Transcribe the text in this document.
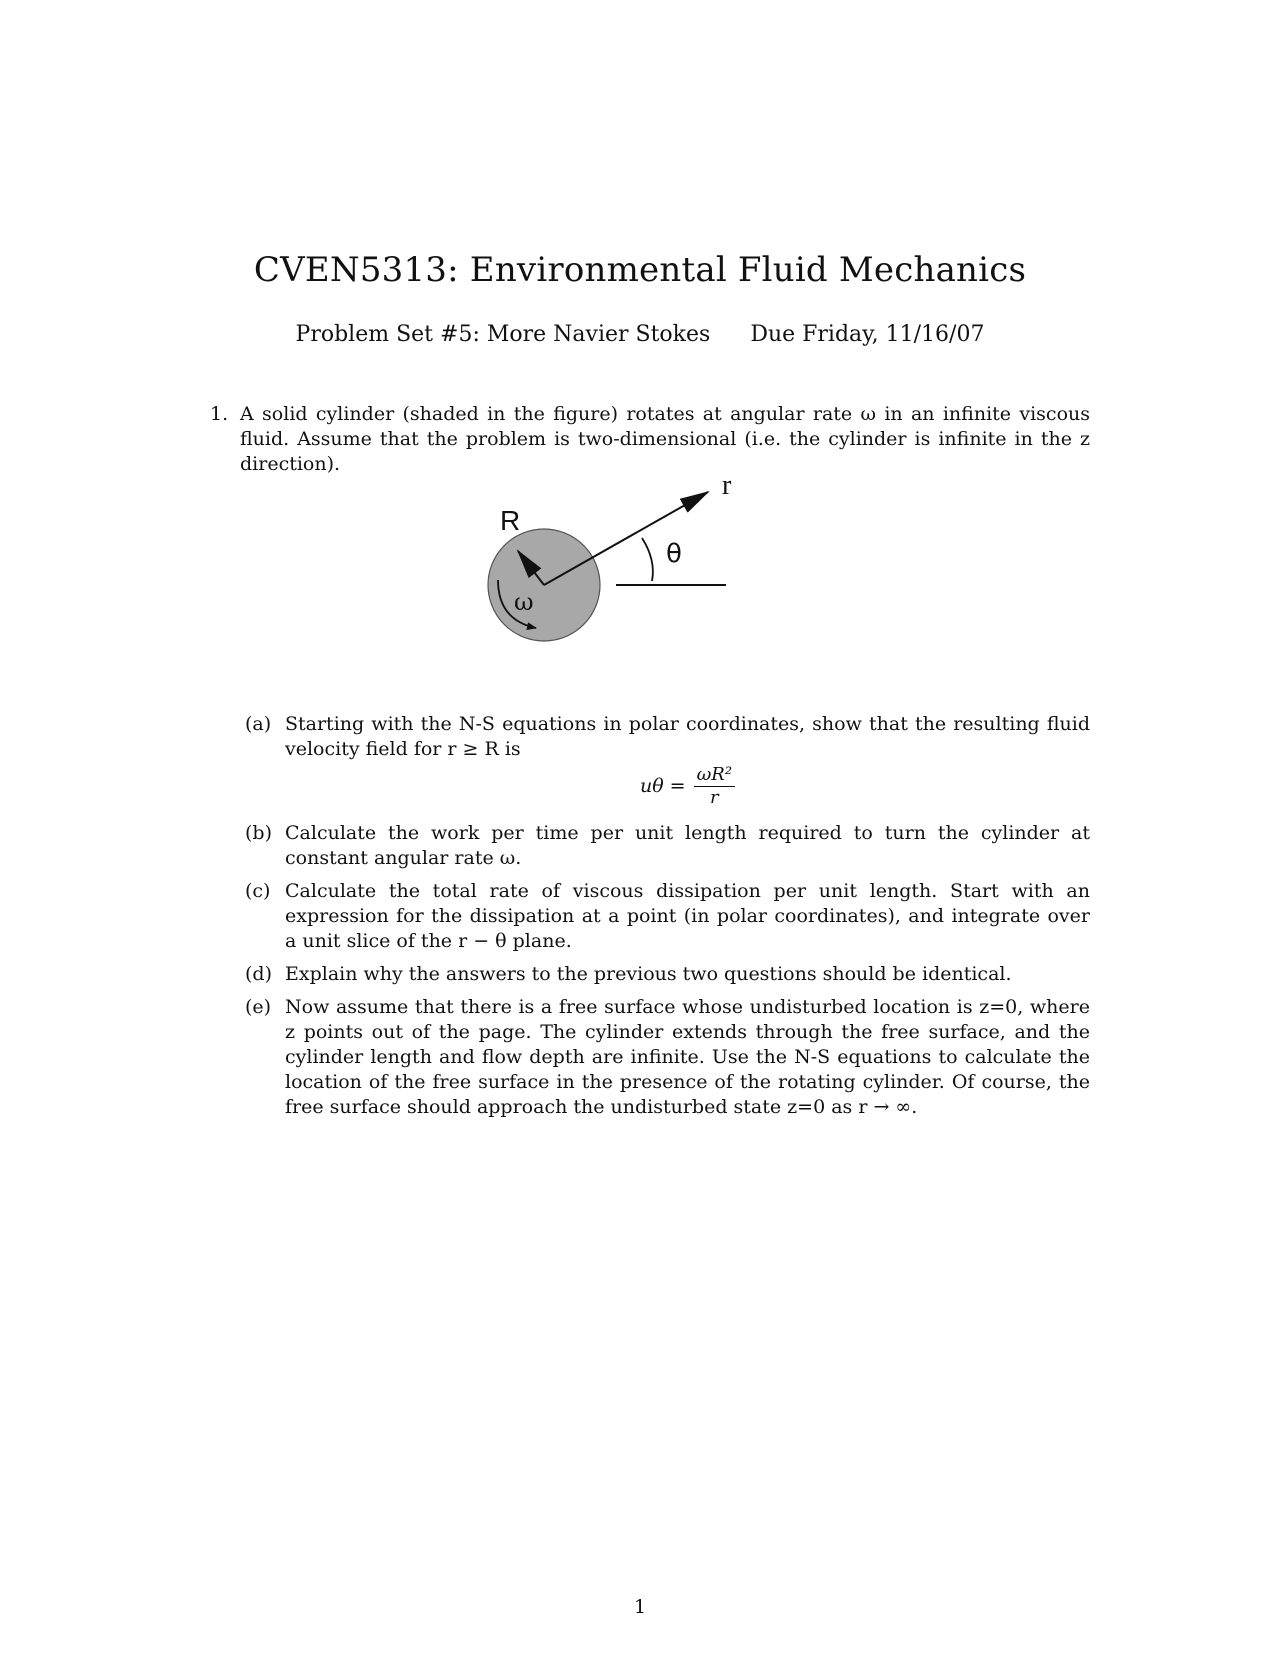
CVEN5313: Environmental Fluid Mechanics
Problem Set #5: More Navier Stokes Due Friday, 11/16/07
1. A solid cylinder (shaded in the figure) rotates at angular rate ω in an infinite viscous fluid. Assume that the problem is two-dimensional (i.e. the cylinder is infinite in the z direction).
R
r
θ
ω
(a) Starting with the N-S equations in polar coordinates, show that the resulting fluid velocity field for r ≥ R is
$u\theta = \frac{\text{ωR²}}{r}$
(b) Calculate the work per time per unit length required to turn the cylinder at constant angular rate ω.
(c) Calculate the total rate of viscous dissipation per unit length. Start with an expression for the dissipation at a point (in polar coordinates), and integrate over a unit slice of the r − θ plane.
(d) Explain why the answers to the previous two questions should be identical.
(e) Now assume that there is a free surface whose undisturbed location is z=0, where z points out of the page. The cylinder extends through the free surface, and the cylinder length and flow depth are infinite. Use the N-S equations to calculate the location of the free surface in the presence of the rotating cylinder. Of course, the free surface should approach the undisturbed state z=0 as r → ∞.
1
